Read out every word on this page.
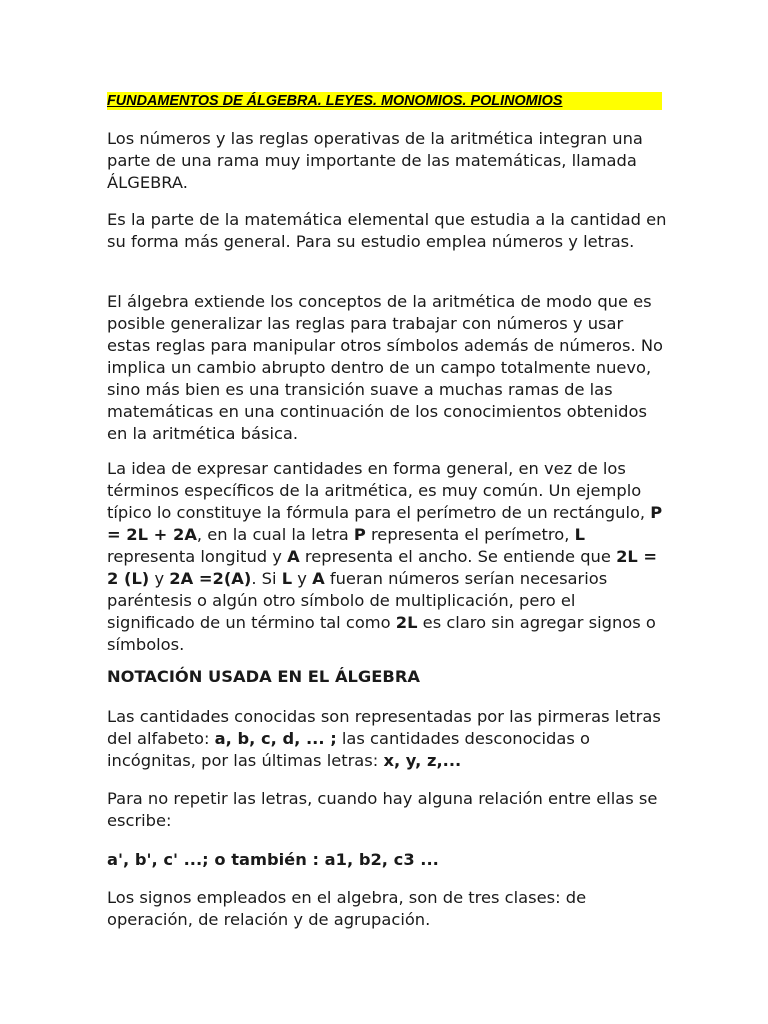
FUNDAMENTOS DE ÁLGEBRA. LEYES. MONOMIOS. POLINOMIOS

Los números y las reglas operativas de la aritmética integran una parte de una rama muy importante de las matemáticas, llamada ÁLGEBRA.

Es la parte de la matemática elemental que estudia a la cantidad en su forma más general. Para su estudio emplea números y letras.

El álgebra extiende los conceptos de la aritmética de modo que es posible generalizar las reglas para trabajar con números y usar estas reglas para manipular otros símbolos además de números. No implica un cambio abrupto dentro de un campo totalmente nuevo, sino más bien es una transición suave a muchas ramas de las matemáticas en una continuación de los conocimientos obtenidos en la aritmética básica.

La idea de expresar cantidades en forma general, en vez de los términos específicos de la aritmética, es muy común. Un ejemplo típico lo constituye la fórmula para el perímetro de un rectángulo, P = 2L + 2A, en la cual la letra P representa el perímetro, L representa longitud y A representa el ancho. Se entiende que 2L = 2 (L) y 2A =2(A). Si L y A fueran números serían necesarios paréntesis o algún otro símbolo de multiplicación, pero el significado de un término tal como 2L es claro sin agregar signos o símbolos.

NOTACIÓN USADA EN EL ÁLGEBRA

Las cantidades conocidas son representadas por las pirmeras letras del alfabeto: a, b, c, d, ... ; las cantidades desconocidas o incógnitas, por las últimas letras: x, y, z,...

Para no repetir las letras, cuando hay alguna relación entre ellas se escribe:

a', b', c' ...; o también : a1, b2, c3 ...

Los signos empleados en el algebra, son de tres clases: de operación, de relación y de agrupación.
